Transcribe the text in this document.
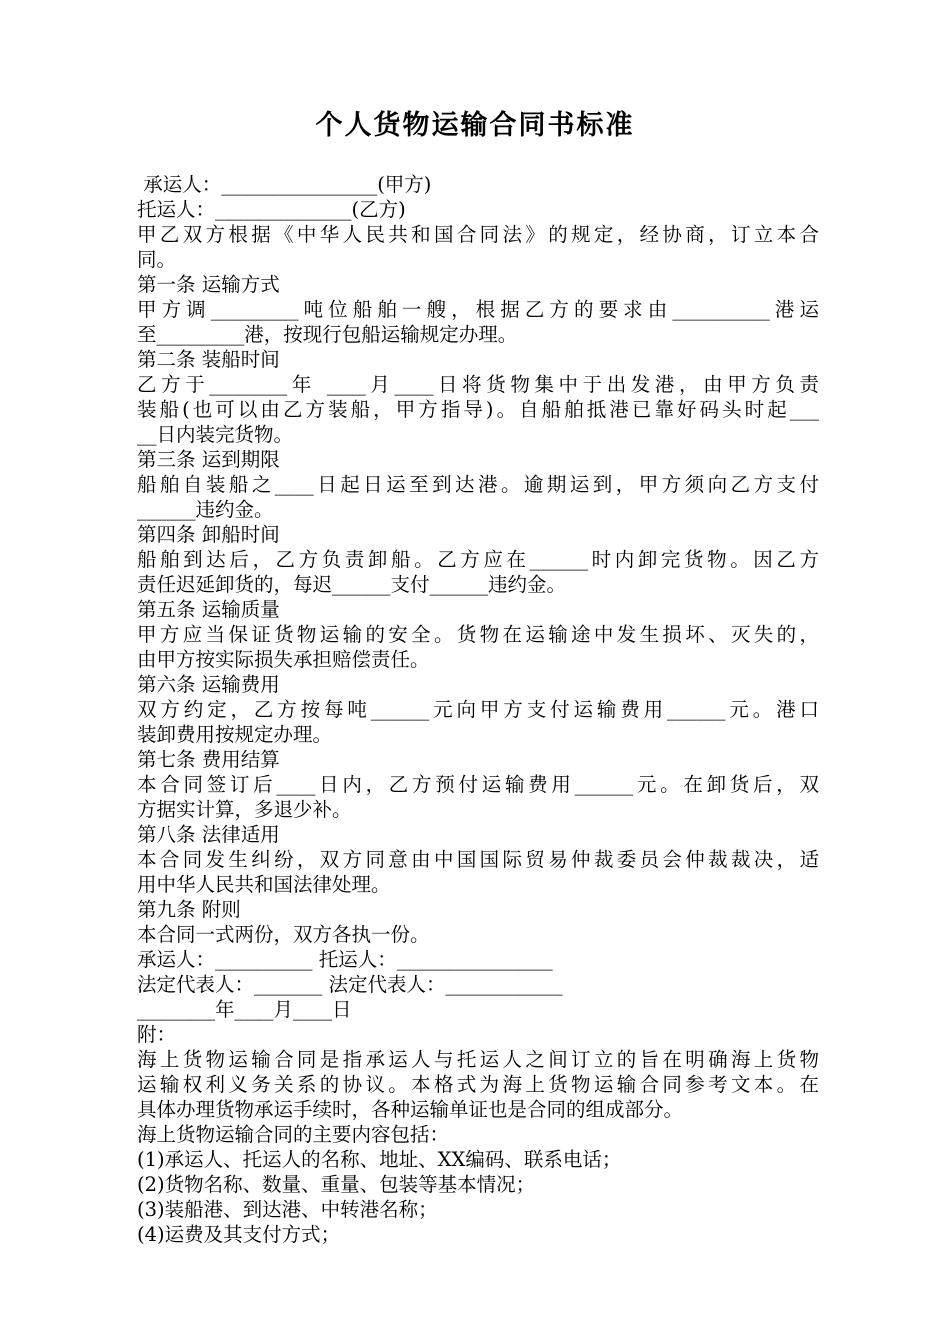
个人货物运输合同书标准
承运人：________________(甲方)
托运人：______________(乙方)
甲乙双方根据《中华人民共和国合同法》的规定，经协商，订立本合
同。
第一条 运输方式
甲方调_________吨位船舶一艘，根据乙方的要求由__________港运
至_________港，按现行包船运输规定办理。
第二条 装船时间
乙方于________年 ____月____日将货物集中于出发港，由甲方负责
装船(也可以由乙方装船，甲方指导)。自船舶抵港已靠好码头时起___
__日内装完货物。
第三条 运到期限
船舶自装船之____日起日运至到达港。逾期运到，甲方须向乙方支付
______违约金。
第四条 卸船时间
船舶到达后，乙方负责卸船。乙方应在______时内卸完货物。因乙方
责任迟延卸货的，每迟______支付______违约金。
第五条 运输质量
甲方应当保证货物运输的安全。货物在运输途中发生损坏、灭失的，
由甲方按实际损失承担赔偿责任。
第六条 运输费用
双方约定，乙方按每吨______元向甲方支付运输费用______元。港口
装卸费用按规定办理。
第七条 费用结算
本合同签订后____日内，乙方预付运输费用______元。在卸货后，双
方据实计算，多退少补。
第八条 法律适用
本合同发生纠纷，双方同意由中国国际贸易仲裁委员会仲裁裁决，适
用中华人民共和国法律处理。
第九条 附则
本合同一式两份，双方各执一份。
承运人：__________ 托运人：________________
法定代表人：_______ 法定代表人：____________
________年____月____日
附：
海上货物运输合同是指承运人与托运人之间订立的旨在明确海上货物
运输权利义务关系的协议。本格式为海上货物运输合同参考文本。在
具体办理货物承运手续时，各种运输单证也是合同的组成部分。
海上货物运输合同的主要内容包括：
(1)承运人、托运人的名称、地址、XX编码、联系电话；
(2)货物名称、数量、重量、包装等基本情况；
(3)装船港、到达港、中转港名称；
(4)运费及其支付方式；
